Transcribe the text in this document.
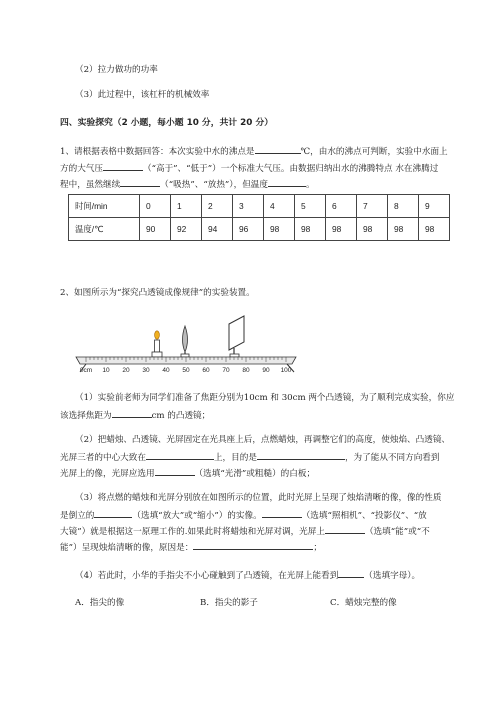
（2）拉力做功的功率
（3）此过程中，该杠杆的机械效率
四、实验探究（2 小题，每小题 10 分，共计 20 分）
1、请根据表格中数据回答：本次实验中水的沸点是	℃，由水的沸点可判断，实验中水面上
方的大气压	（“高于”、“低于”）一个标准大气压。由数据归纳出水的沸腾特点 水在沸腾过
程中，虽然继续	（“吸热”、“放热”），但温度	。
时间/min	0	1	2	3	4	5	6	7	8	9
温度/℃	90	92	94	96	98	98	98	98	98	98
2、如图所示为“探究凸透镜成像规律”的实验装置。
0cm 10 20 30 40 50 60 70 80 90 100
（1）实验前老师为同学们准备了焦距分别为10cm 和 30cm 两个凸透镜，为了顺利完成实验，你应
该选择焦距为	cm 的凸透镜；
（2）把蜡烛、凸透镜、光屏固定在光具座上后，点燃蜡烛，再调整它们的高度，使烛焰、凸透镜、
光屏三者的中心大致在	上，目的是	，为了能从不同方向看到
光屏上的像，光屏应选用	（选填“光滑”或粗糙）的白板；
（3）将点燃的蜡烛和光屏分别放在如图所示的位置，此时光屏上呈现了烛焰清晰的像，像的性质
是倒立的	（选填“放大”或“缩小”）的实像。	（选填“照相机”、“投影仪”、“放
大镜”）就是根据这一原理工作的.如果此时将蜡烛和光屏对调，光屏上	（选填“能”或“不
能”）呈现烛焰清晰的像，原因是：	；
（4）若此时，小华的手指尖不小心碰触到了凸透镜，在光屏上能看到	（选填字母）。
A．指尖的像	B．指尖的影子	C．蜡烛完整的像
